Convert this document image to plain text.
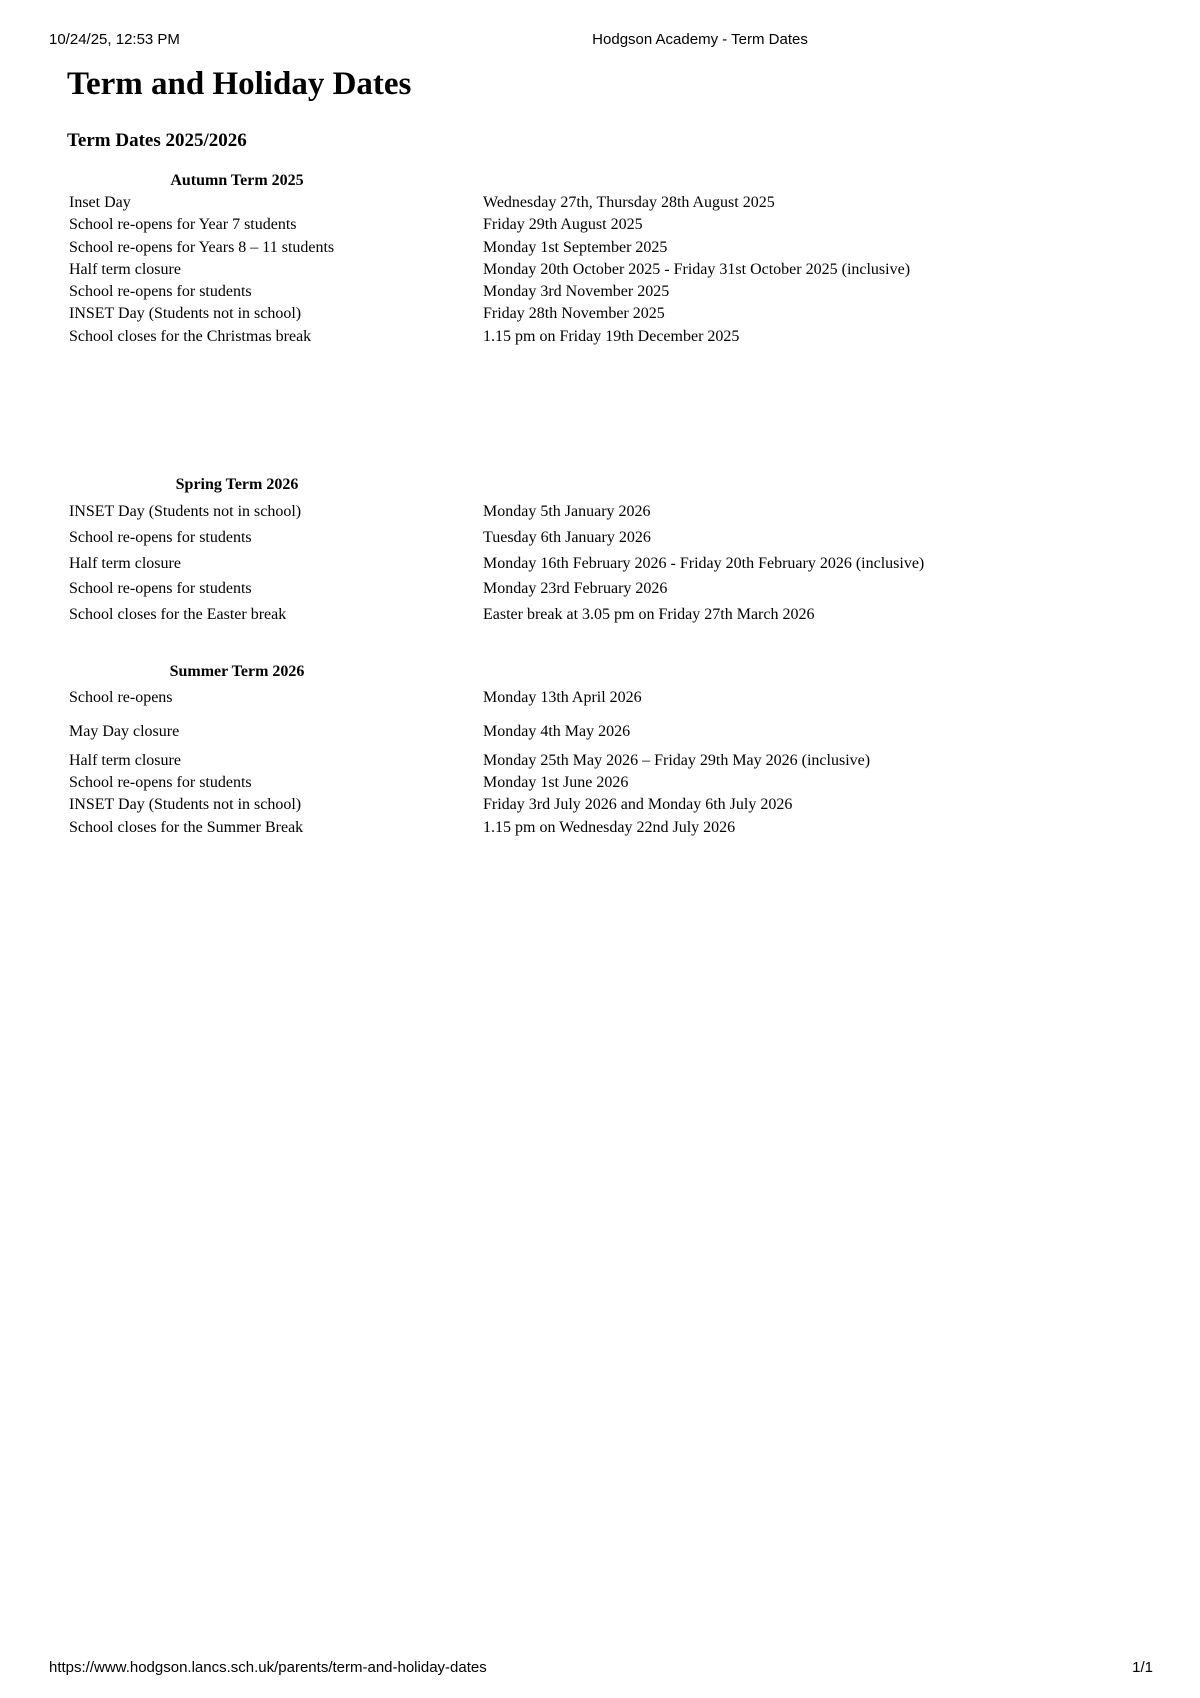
10/24/25, 12:53 PM	Hodgson Academy - Term Dates
Term and Holiday Dates
Term Dates 2025/2026
Autumn Term 2025
Inset Day	Wednesday 27th, Thursday 28th August 2025
School re-opens for Year 7 students	Friday 29th August 2025
School re-opens for Years 8 – 11 students	Monday 1st September 2025
Half term closure	Monday 20th October 2025 - Friday 31st October 2025 (inclusive)
School re-opens for students	Monday 3rd November 2025
INSET Day (Students not in school)	Friday 28th November 2025
School closes for the Christmas break	1.15 pm on Friday 19th December 2025
Spring Term 2026
INSET Day (Students not in school)	Monday 5th January 2026
School re-opens for students	Tuesday 6th January 2026
Half term closure	Monday 16th February 2026 - Friday 20th February 2026 (inclusive)
School re-opens for students	Monday 23rd February 2026
School closes for the Easter break	Easter break at 3.05 pm on Friday 27th March 2026
Summer Term 2026
School re-opens	Monday 13th April 2026
May Day closure	Monday 4th May 2026
Half term closure	Monday 25th May 2026 – Friday 29th May 2026 (inclusive)
School re-opens for students	Monday 1st June 2026
INSET Day (Students not in school)	Friday 3rd July 2026 and Monday 6th July 2026
School closes for the Summer Break	1.15 pm on Wednesday 22nd July 2026
https://www.hodgson.lancs.sch.uk/parents/term-and-holiday-dates	1/1
